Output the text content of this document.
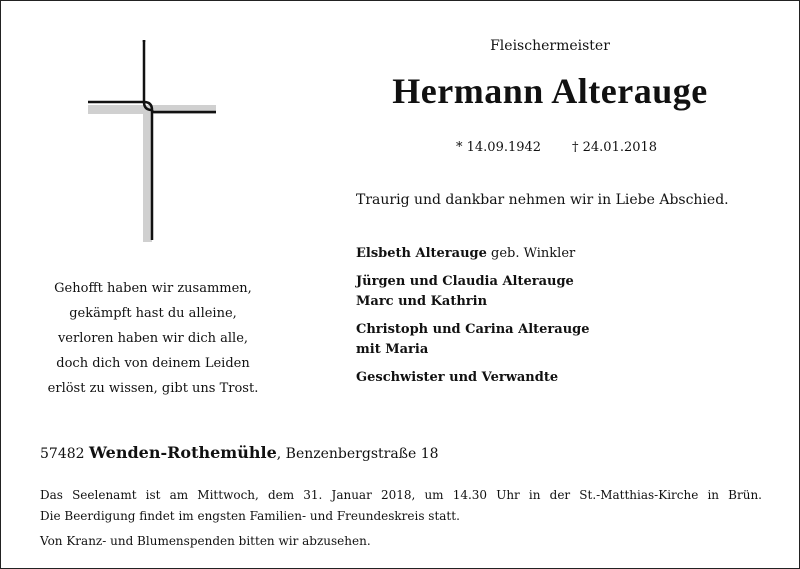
Gehofft haben wir zusammen,
gekämpft hast du alleine,
verloren haben wir dich alle,
doch dich von deinem Leiden
erlöst zu wissen, gibt uns Trost.
Fleischermeister
Hermann Alterauge
* 14.09.1942 † 24.01.2018
Traurig und dankbar nehmen wir in Liebe Abschied.
Elsbeth Alterauge geb. Winkler
Jürgen und Claudia Alterauge
Marc und Kathrin
Christoph und Carina Alterauge
mit Maria
Geschwister und Verwandte
57482 Wenden-Rothemühle, Benzenbergstraße 18
Das Seelenamt ist am Mittwoch, dem 31. Januar 2018, um 14.30 Uhr in der St.-Matthias-Kirche in Brün.
Die Beerdigung findet im engsten Familien- und Freundeskreis statt.
Von Kranz- und Blumenspenden bitten wir abzusehen.
